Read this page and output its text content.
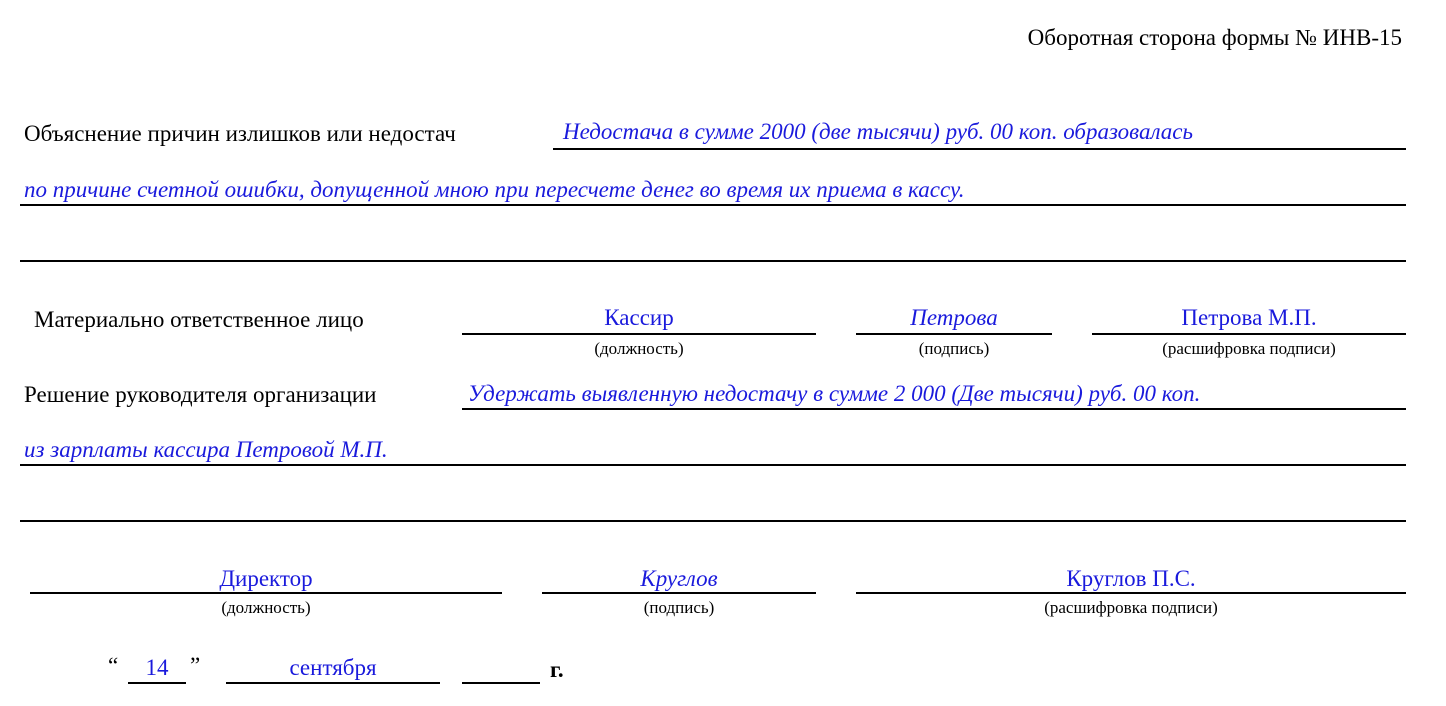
Оборотная сторона формы № ИНВ-15
Объяснение причин излишков или недостач	Недостача в сумме 2000 (две тысячи) руб. 00 коп. образовалась
по причине счетной ошибки, допущенной мною при пересчете денег во время их приема в кассу.
Материально ответственное лицо	Кассир
(должность)
Петрова
(подпись)
Петрова М.П.
(расшифровка подписи)
Решение руководителя организации	Удержать выявленную недостачу в сумме 2 000 (Две тысячи) руб. 00 коп.
из зарплаты кассира Петровой М.П.
Директор
(должность)
Круглов
(подпись)
Круглов П.С.
(расшифровка подписи)
“	14 ”	сентября	г.
